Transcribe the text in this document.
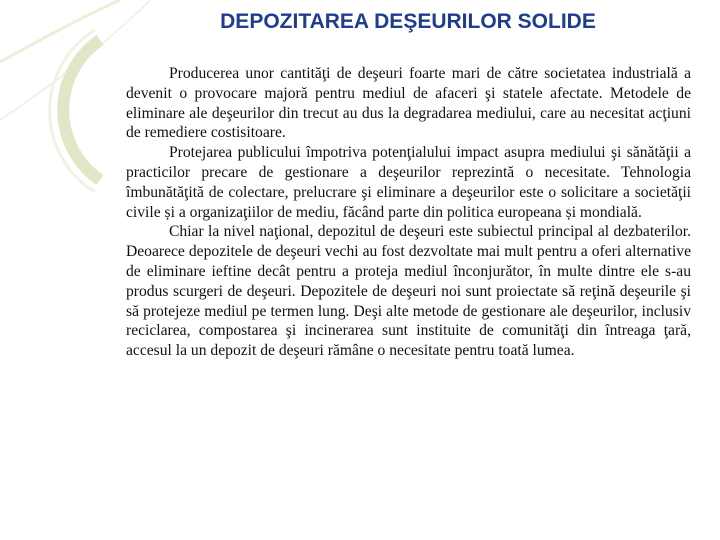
DEPOZITAREA DEŞEURILOR SOLIDE

Producerea unor cantităţi de deşeuri foarte mari de către societatea industrială a devenit o provocare majoră pentru mediul de afaceri şi statele afectate. Metodele de eliminare ale deşeurilor din trecut au dus la degradarea mediului, care au necesitat acţiuni de remediere costisitoare.

Protejarea publicului împotriva potenţialului impact asupra mediului şi sănătăţii a practicilor precare de gestionare a deşeurilor reprezintă o necesitate. Tehnologia îmbunătăţită de colectare, prelucrare şi eliminare a deşeurilor este o solicitare a societăţii civile și a organizaţiilor de mediu, făcând parte din politica europeana și mondială.

Chiar la nivel naţional, depozitul de deşeuri este subiectul principal al dezbaterilor. Deoarece depozitele de deşeuri vechi au fost dezvoltate mai mult pentru a oferi alternative de eliminare ieftine decât pentru a proteja mediul înconjurător, în multe dintre ele s-au produs scurgeri de deşeuri. Depozitele de deşeuri noi sunt proiectate să reţină deşeurile şi să protejeze mediul pe termen lung. Deşi alte metode de gestionare ale deşeurilor, inclusiv reciclarea, compostarea şi incinerarea sunt instituite de comunităţi din întreaga ţară, accesul la un depozit de deşeuri rămâne o necesitate pentru toată lumea.
